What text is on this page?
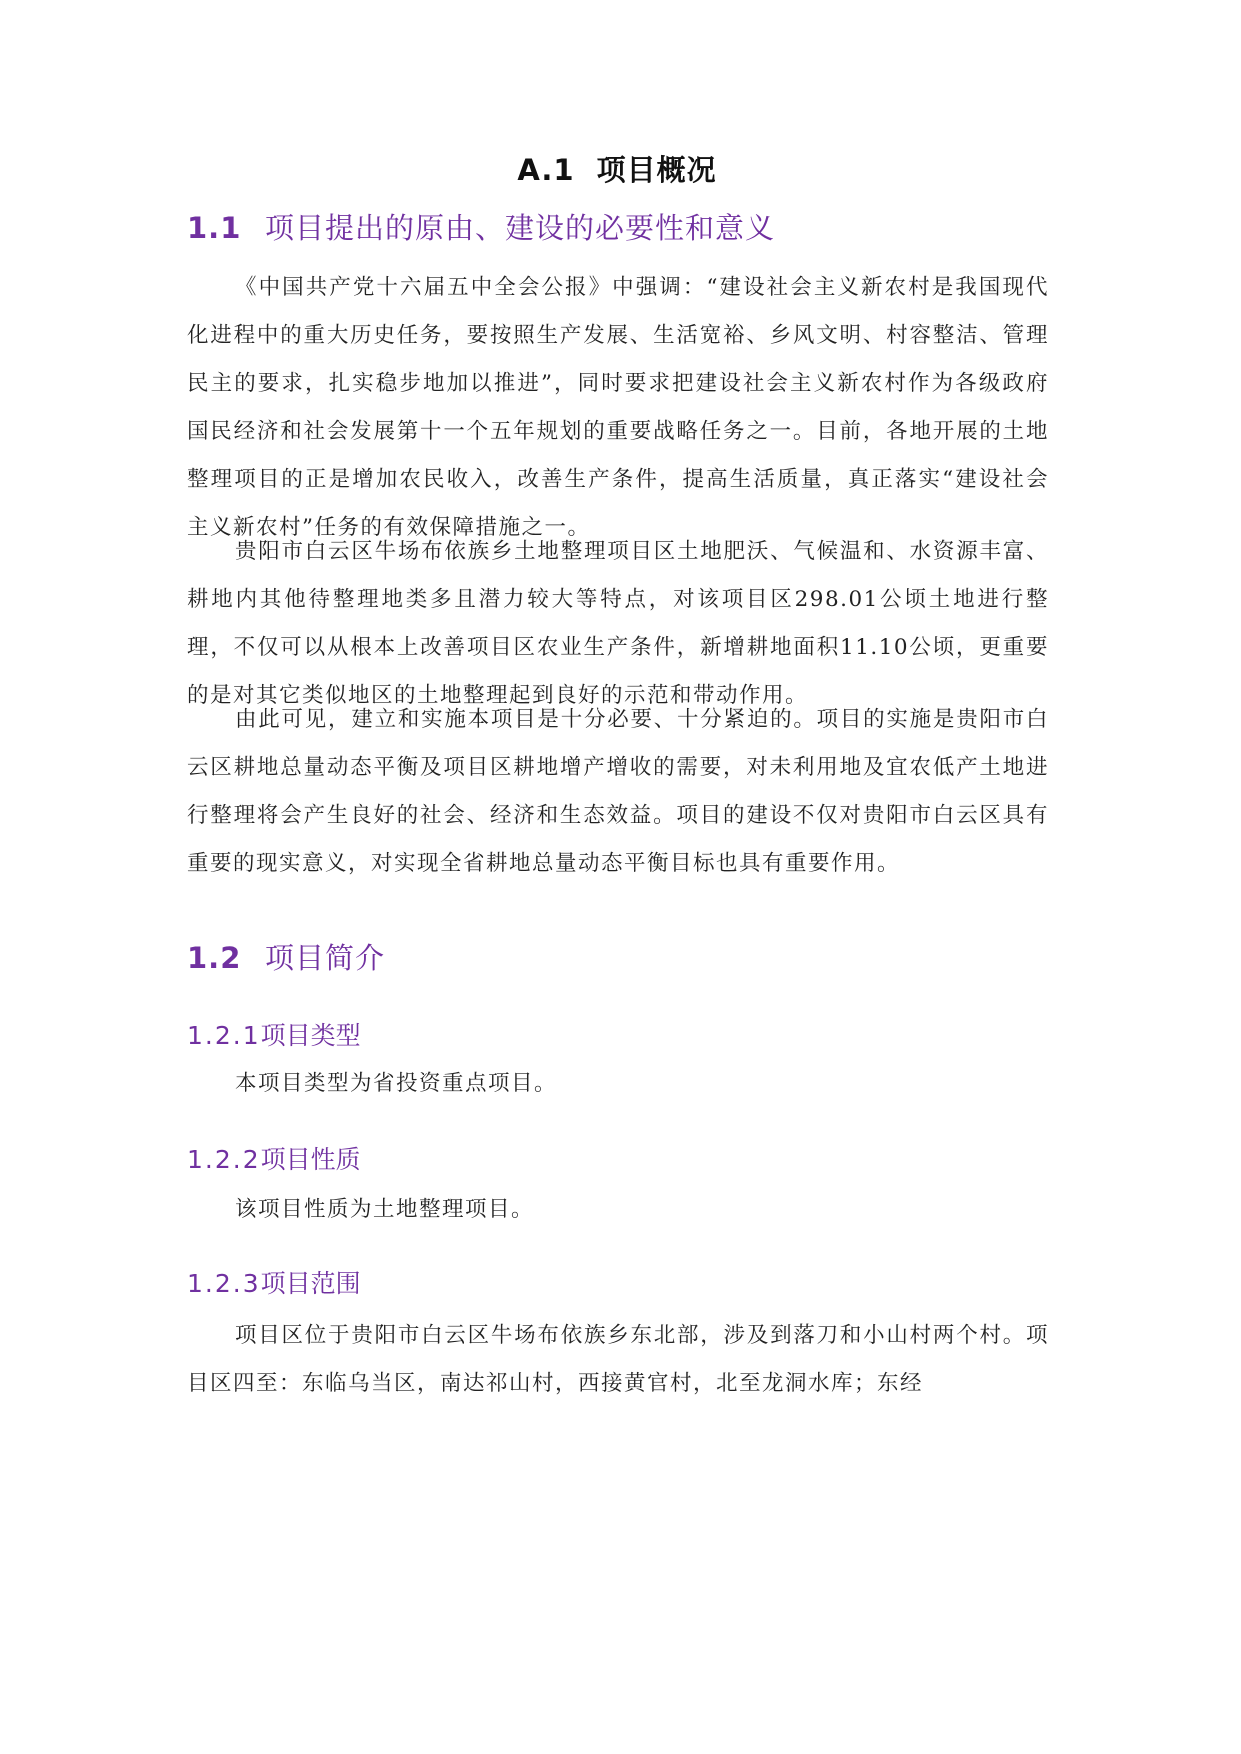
A.1 项目概况
1.1 项目提出的原由、建设的必要性和意义

《中国共产党十六届五中全会公报》中强调：“建设社会主义新农村是我国现代化进程中的重大历史任务，要按照生产发展、生活宽裕、乡风文明、村容整洁、管理民主的要求，扎实稳步地加以推进”，同时要求把建设社会主义新农村作为各级政府国民经济和社会发展第十一个五年规划的重要战略任务之一。目前，各地开展的土地整理项目的正是增加农民收入，改善生产条件，提高生活质量，真正落实“建设社会主义新农村”任务的有效保障措施之一。

贵阳市白云区牛场布依族乡土地整理项目区土地肥沃、气候温和、水资源丰富、耕地内其他待整理地类多且潜力较大等特点，对该项目区298.01公顷土地进行整理，不仅可以从根本上改善项目区农业生产条件，新增耕地面积11.10公顷，更重要的是对其它类似地区的土地整理起到良好的示范和带动作用。

由此可见，建立和实施本项目是十分必要、十分紧迫的。项目的实施是贵阳市白云区耕地总量动态平衡及项目区耕地增产增收的需要，对未利用地及宜农低产土地进行整理将会产生良好的社会、经济和生态效益。项目的建设不仅对贵阳市白云区具有重要的现实意义，对实现全省耕地总量动态平衡目标也具有重要作用。

1.2 项目简介
1.2.1项目类型

本项目类型为省投资重点项目。

1.2.2项目性质

该项目性质为土地整理项目。

1.2.3项目范围

项目区位于贵阳市白云区牛场布依族乡东北部，涉及到落刀和小山村两个村。项目区四至：东临乌当区，南达祁山村，西接黄官村，北至龙洞水库；东经
